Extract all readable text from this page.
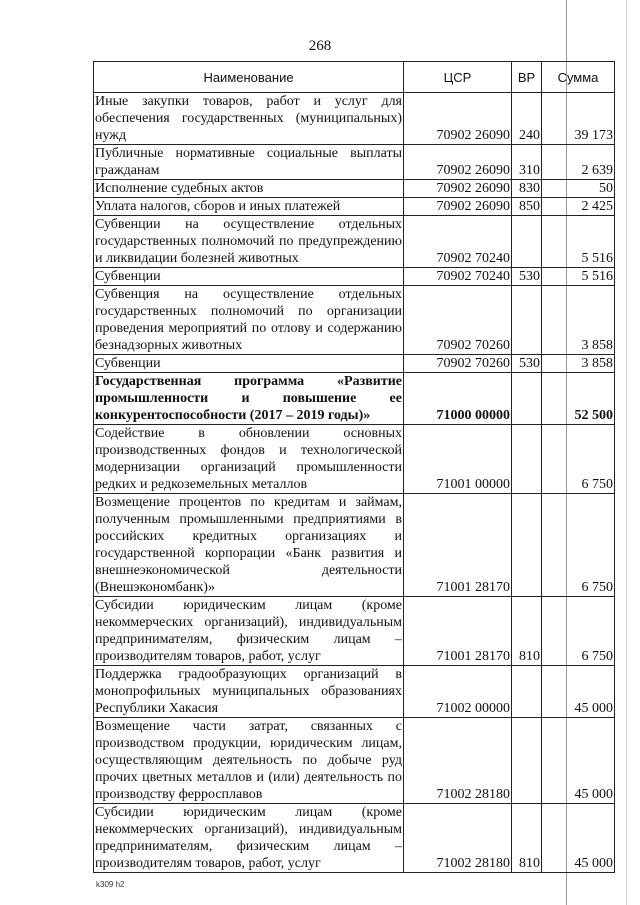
268
Наименование	ЦСР	ВР	Сумма
Иные закупки товаров, работ и услуг для обеспечения государственных (муниципальных) нужд	70902 26090	240	39 173
Публичные нормативные социальные выплаты гражданам	70902 26090	310	2 639
Исполнение судебных актов	70902 26090	830	50
Уплата налогов, сборов и иных платежей	70902 26090	850	2 425
Субвенции на осуществление отдельных государственных полномочий по предупреждению и ликвидации болезней животных	70902 70240		5 516
Субвенции	70902 70240	530	5 516
Субвенция на осуществление отдельных государственных полномочий по организации проведения мероприятий по отлову и содержанию безнадзорных животных	70902 70260		3 858
Субвенции	70902 70260	530	3 858
Государственная программа «Развитие промышленности и повышение ее конкурентоспособности (2017 – 2019 годы)»	71000 00000		52 500
Содействие в обновлении основных производственных фондов и технологической модернизации организаций промышленности редких и редкоземельных металлов	71001 00000		6 750
Возмещение процентов по кредитам и займам, полученным промышленными предприятиями в российских кредитных организациях и государственной корпорации «Банк развития и внешнеэкономической деятельности (Внешэкономбанк)»	71001 28170		6 750
Субсидии юридическим лицам (кроме некоммерческих организаций), индивидуальным предпринимателям, физическим лицам – производителям товаров, работ, услуг	71001 28170	810	6 750
Поддержка градообразующих организаций в монопрофильных муниципальных образованиях Республики Хакасия	71002 00000		45 000
Возмещение части затрат, связанных с производством продукции, юридическим лицам, осуществляющим деятельность по добыче руд прочих цветных металлов и (или) деятельность по производству ферросплавов	71002 28180		45 000
Субсидии юридическим лицам (кроме некоммерческих организаций), индивидуальным предпринимателям, физическим лицам – производителям товаров, работ, услуг	71002 28180	810	45 000
k309 h2
